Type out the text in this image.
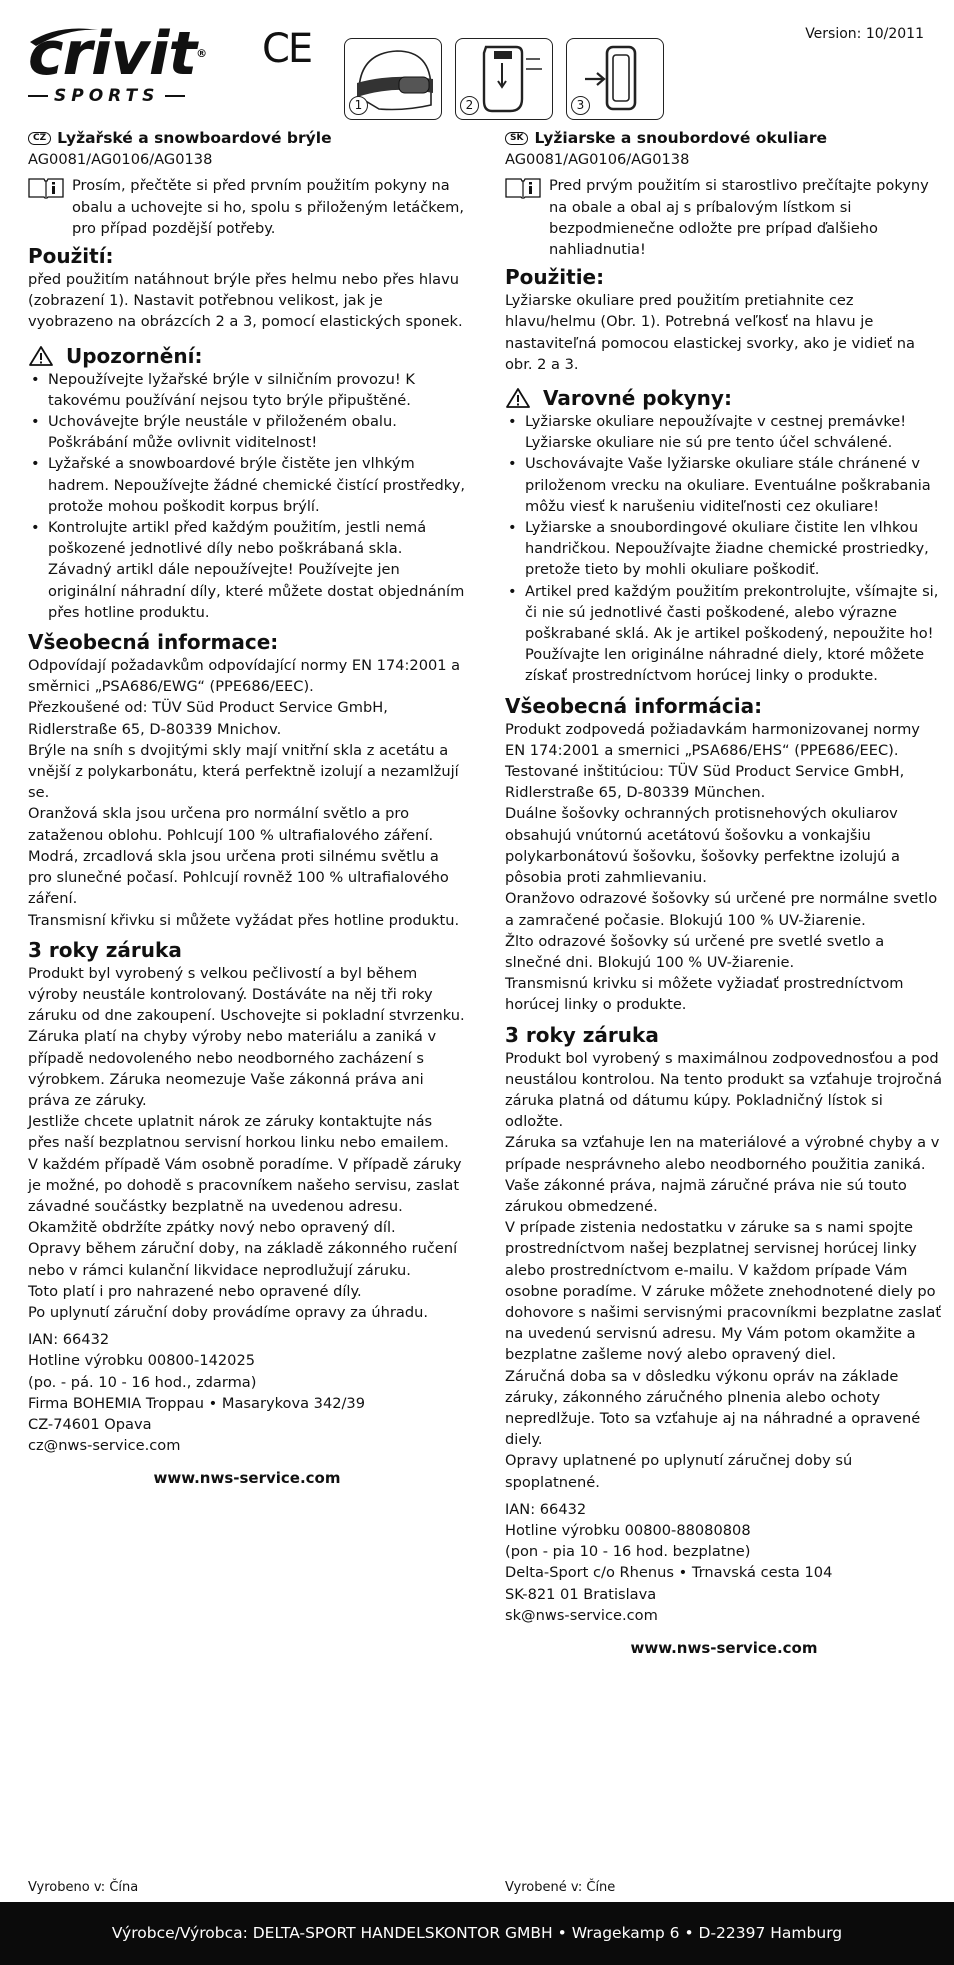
crivit®
SPORTS
CE
1	2	3
Version: 10/2011
CZ Lyžařské a snowboardové brýle

AG0081/AG0106/AG0138

Prosím, přečtěte si před prvním použitím pokyny na obalu a uchovejte si ho, spolu s přiloženým letáčkem, pro případ pozdější potřeby.

Použití:

před použitím natáhnout brýle přes helmu nebo přes hlavu (zobrazení 1). Nastavit potřebnou velikost, jak je vyobrazeno na obrázcích 2 a 3, pomocí elastických sponek.

Upozornění:
• Nepoužívejte lyžařské brýle v silničním provozu! K takovému používání nejsou tyto brýle připuštěné.
• Uchovávejte brýle neustále v přiloženém obalu. Poškrábání může ovlivnit viditelnost!
• Lyžařské a snowboardové brýle čistěte jen vlhkým hadrem. Nepoužívejte žádné chemické čistící prostředky, protože mohou poškodit korpus brýlí.
• Kontrolujte artikl před každým použitím, jestli nemá poškozené jednotlivé díly nebo poškrábaná skla. Závadný artikl dále nepoužívejte! Používejte jen originální náhradní díly, které můžete dostat objednáním přes hotline produktu.
Všeobecná informace:

Odpovídají požadavkům odpovídající normy EN 174:2001 a směrnici „PSA686/EWG“ (PPE686/EEC).

Přezkoušené od: TÜV Süd Product Service GmbH, Ridlerstraße 65, D-80339 Mnichov.

Brýle na sníh s dvojitými skly mají vnitřní skla z acetátu a vnější z polykarbonátu, která perfektně izolují a nezamlžují se.

Oranžová skla jsou určena pro normální světlo a pro zataženou oblohu. Pohlcují 100 % ultrafialového záření.

Modrá, zrcadlová skla jsou určena proti silnému světlu a pro slunečné počasí. Pohlcují rovněž 100 % ultrafialového záření.

Transmisní křivku si můžete vyžádat přes hotline produktu.

3 roky záruka

Produkt byl vyrobený s velkou pečlivostí a byl během výroby neustále kontrolovaný. Dostáváte na něj tři roky záruku od dne zakoupení. Uschovejte si pokladní stvrzenku.

Záruka platí na chyby výroby nebo materiálu a zaniká v případě nedovoleného nebo neodborného zacházení s výrobkem. Záruka neomezuje Vaše zákonná práva ani práva ze záruky.

Jestliže chcete uplatnit nárok ze záruky kontaktujte nás přes naší bezplatnou servisní horkou linku nebo emailem.

V každém případě Vám osobně poradíme. V případě záruky je možné, po dohodě s pracovníkem našeho servisu, zaslat závadné součástky bezplatně na uvedenou adresu.

Okamžitě obdržíte zpátky nový nebo opravený díl.

Opravy během záruční doby, na základě zákonného ručení nebo v rámci kulanční likvidace neprodlužují záruku.

Toto platí i pro nahrazené nebo opravené díly.

Po uplynutí záruční doby provádíme opravy za úhradu.

IAN: 66432

Hotline výrobku 00800-142025

(po. - pá. 10 - 16 hod., zdarma)

Firma BOHEMIA Troppau • Masarykova 342/39

CZ-74601 Opava

cz@nws-service.com

www.nws-service.com
SK Lyžiarske a snoubordové okuliare

AG0081/AG0106/AG0138

Pred prvým použitím si starostlivo prečítajte pokyny na obale a obal aj s príbalovým lístkom si bezpodmienečne odložte pre prípad ďalšieho nahliadnutia!

Použitie:

Lyžiarske okuliare pred použitím pretiahnite cez hlavu/helmu (Obr. 1). Potrebná veľkosť na hlavu je nastaviteľná pomocou elastickej svorky, ako je vidieť na obr. 2 a 3.

Varovné pokyny:
• Lyžiarske okuliare nepoužívajte v cestnej premávke! Lyžiarske okuliare nie sú pre tento účel schválené.
• Uschovávajte Vaše lyžiarske okuliare stále chránené v priloženom vrecku na okuliare. Eventuálne poškrabania môžu viesť k narušeniu viditeľnosti cez okuliare!
• Lyžiarske a snoubordingové okuliare čistite len vlhkou handričkou. Nepoužívajte žiadne chemické prostriedky, pretože tieto by mohli okuliare poškodiť.
• Artikel pred každým použitím prekontrolujte, všímajte si, či nie sú jednotlivé časti poškodené, alebo výrazne poškrabané sklá. Ak je artikel poškodený, nepoužite ho! Používajte len originálne náhradné diely, ktoré môžete získať prostredníctvom horúcej linky o produkte.
Všeobecná informácia:

Produkt zodpovedá požiadavkám harmonizovanej normy EN 174:2001 a smernici „PSA686/EHS“ (PPE686/EEC).

Testované inštitúciou: TÜV Süd Product Service GmbH, Ridlerstraße 65, D-80339 München.

Duálne šošovky ochranných protisnehových okuliarov obsahujú vnútornú acetátovú šošovku a vonkajšiu polykarbonátovú šošovku, šošovky perfektne izolujú a pôsobia proti zahmlievaniu.

Oranžovo odrazové šošovky sú určené pre normálne svetlo a zamračené počasie. Blokujú 100 % UV-žiarenie.

Žlto odrazové šošovky sú určené pre svetlé svetlo a slnečné dni. Blokujú 100 % UV-žiarenie.

Transmisnú krivku si môžete vyžiadať prostredníctvom horúcej linky o produkte.

3 roky záruka

Produkt bol vyrobený s maximálnou zodpovednosťou a pod neustálou kontrolou. Na tento produkt sa vzťahuje trojročná záruka platná od dátumu kúpy. Pokladničný lístok si odložte.

Záruka sa vzťahuje len na materiálové a výrobné chyby a v prípade nesprávneho alebo neodborného použitia zaniká. Vaše zákonné práva, najmä záručné práva nie sú touto zárukou obmedzené.

V prípade zistenia nedostatku v záruke sa s nami spojte prostredníctvom našej bezplatnej servisnej horúcej linky alebo prostredníctvom e-mailu. V každom prípade Vám osobne poradíme. V záruke môžete znehodnotené diely po dohovore s našimi servisnými pracovníkmi bezplatne zaslať na uvedenú servisnú adresu. My Vám potom okamžite a bezplatne zašleme nový alebo opravený diel.

Záručná doba sa v dôsledku výkonu opráv na základe záruky, zákonného záručného plnenia alebo ochoty nepredlžuje. Toto sa vzťahuje aj na náhradné a opravené diely.

Opravy uplatnené po uplynutí záručnej doby sú spoplatnené.

IAN: 66432

Hotline výrobku 00800-88080808

(pon - pia 10 - 16 hod. bezplatne)

Delta-Sport c/o Rhenus • Trnavská cesta 104

SK-821 01 Bratislava

sk@nws-service.com

www.nws-service.com
Vyrobeno v: Čína	Vyrobené v: Číne
Výrobce/Výrobca: DELTA-SPORT HANDELSKONTOR GMBH • Wragekamp 6 • D-22397 Hamburg
